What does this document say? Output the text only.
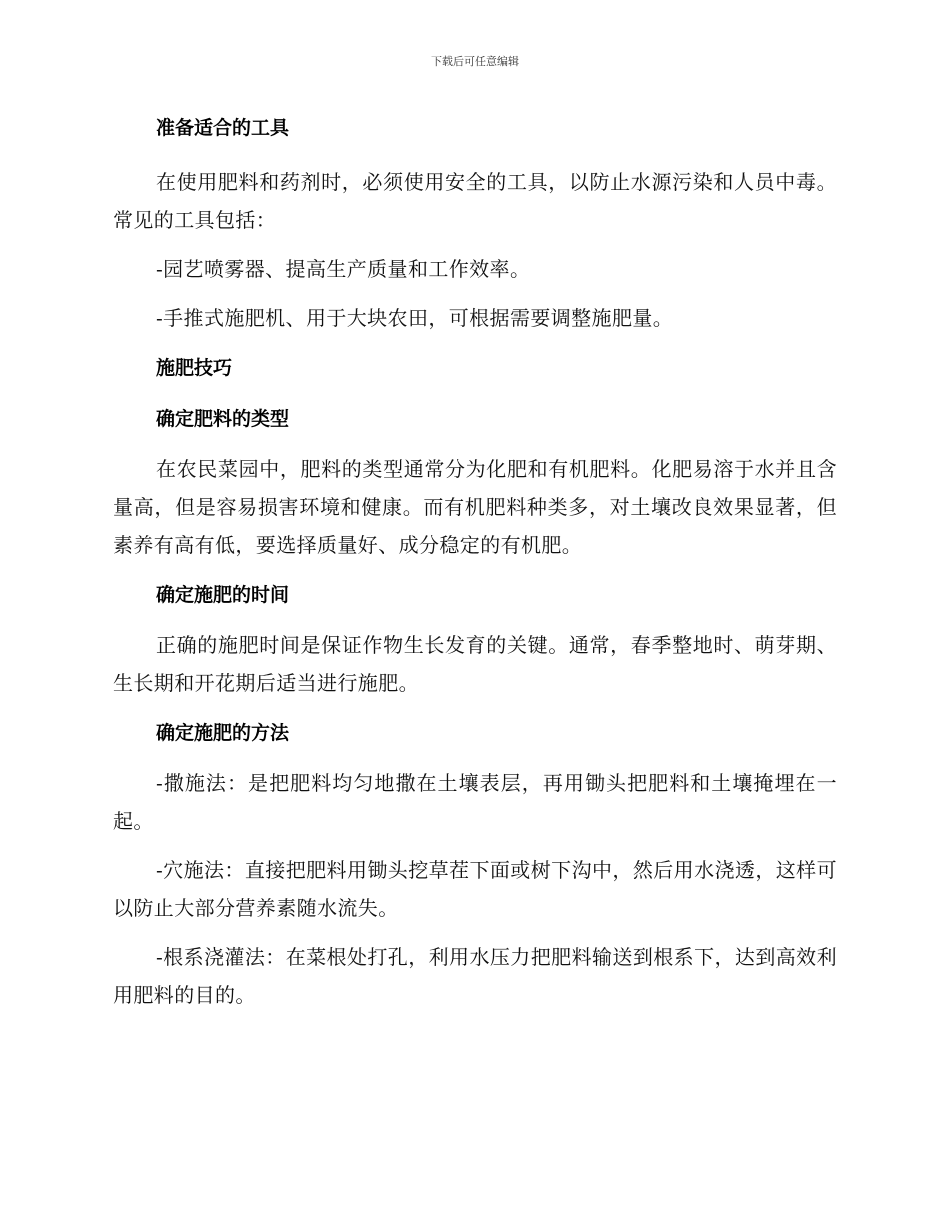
下载后可任意编辑
准备适合的工具

在使用肥料和药剂时，必须使用安全的工具，以防止水源污染和人员中毒。常见的工具包括：

-园艺喷雾器、提高生产质量和工作效率。

-手推式施肥机、用于大块农田，可根据需要调整施肥量。

施肥技巧
确定肥料的类型

在农民菜园中，肥料的类型通常分为化肥和有机肥料。化肥易溶于水并且含量高，但是容易损害环境和健康。而有机肥料种类多，对土壤改良效果显著，但素养有高有低，要选择质量好、成分稳定的有机肥。

确定施肥的时间

正确的施肥时间是保证作物生长发育的关键。通常，春季整地时、萌芽期、生长期和开花期后适当进行施肥。

确定施肥的方法

-撒施法：是把肥料均匀地撒在土壤表层，再用锄头把肥料和土壤掩埋在一起。

-穴施法：直接把肥料用锄头挖草茬下面或树下沟中，然后用水浇透，这样可以防止大部分营养素随水流失。

-根系浇灌法：在菜根处打孔，利用水压力把肥料输送到根系下，达到高效利用肥料的目的。
